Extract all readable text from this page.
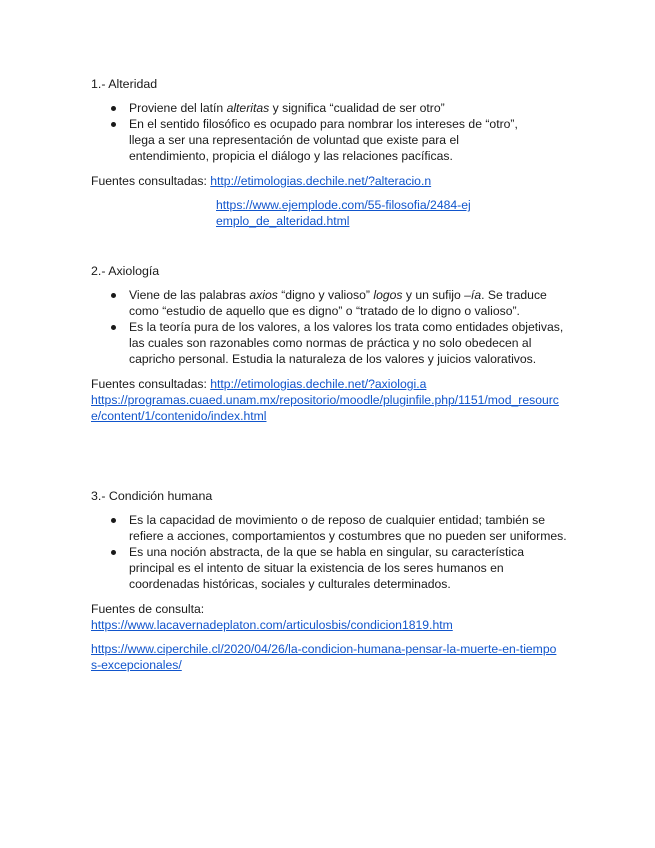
1.- Alteridad

Proviene del latín alteritas y significa “cualidad de ser otro”
En el sentido filosófico es ocupado para nombrar los intereses de “otro”, llega a ser una representación de voluntad que existe para el entendimiento, propicia el diálogo y las relaciones pacíficas.

Fuentes consultadas: http://etimologias.dechile.net/?alteracio.n

https://www.ejemplode.com/55-filosofia/2484-ejemplo_de_alteridad.html

2.- Axiología

Viene de las palabras axios “digno y valioso” logos y un sufijo –ía. Se traduce como “estudio de aquello que es digno” o “tratado de lo digno o valioso”.
Es la teoría pura de los valores, a los valores los trata como entidades objetivas, las cuales son razonables como normas de práctica y no solo obedecen al capricho personal. Estudia la naturaleza de los valores y juicios valorativos.

Fuentes consultadas: http://etimologias.dechile.net/?axiologi.a

https://programas.cuaed.unam.mx/repositorio/moodle/pluginfile.php/1151/mod_resource/content/1/contenido/index.html

3.- Condición humana

Es la capacidad de movimiento o de reposo de cualquier entidad; también se refiere a acciones, comportamientos y costumbres que no pueden ser uniformes.
Es una noción abstracta, de la que se habla en singular, su característica principal es el intento de situar la existencia de los seres humanos en coordenadas históricas, sociales y culturales determinados.

Fuentes de consulta:

https://www.lacavernadeplaton.com/articulosbis/condicion1819.htm
https://www.ciperchile.cl/2020/04/26/la-condicion-humana-pensar-la-muerte-en-tiempos-excepcionales/
